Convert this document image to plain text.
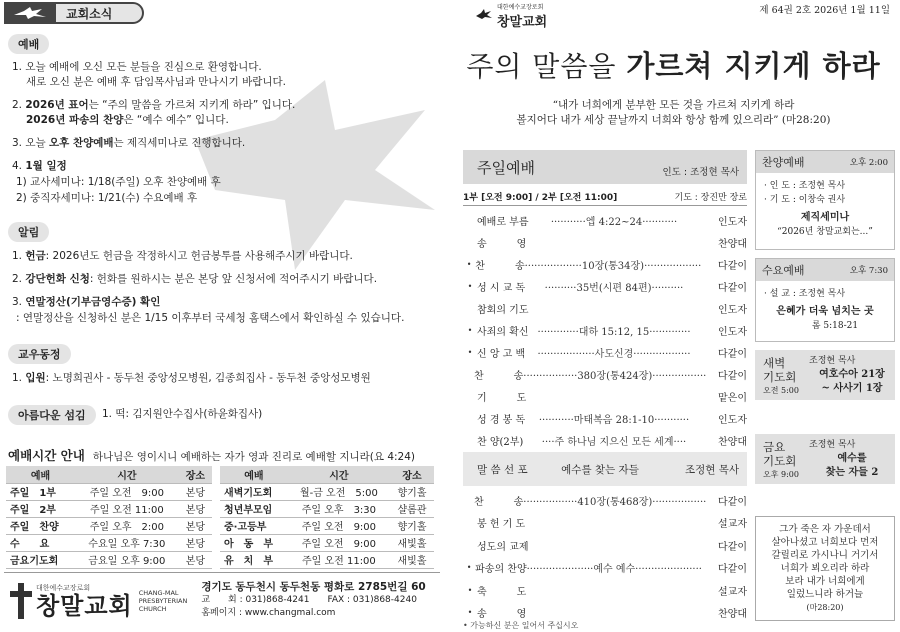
교회소식
예배
1. 오늘 예배에 오신 모든 분들을 진심으로 환영합니다.
새로 오신 분은 예배 후 담임목사님과 만나시기 바랍니다.
2. 2026년 표어는 “주의 말씀을 가르쳐 지키게 하라” 입니다.
2026년 파송의 찬양은 “예수 예수” 입니다.
3. 오늘 오후 찬양예배는 제직세미나로 진행합니다.
4. 1월 일정
1) 교사세미나: 1/18(주일) 오후 찬양예배 후
2) 중직자세미나: 1/21(수) 수요예배 후
알림
1. 헌금: 2026년도 헌금을 작정하시고 헌금봉투를 사용해주시기 바랍니다.
2. 강단헌화 신청: 헌화를 원하시는 분은 본당 앞 신청서에 적어주시기 바랍니다.
3. 연말정산(기부금영수증) 확인
: 연말정산을 신청하신 분은 1/15 이후부터 국세청 홈택스에서 확인하실 수 있습니다.
교우동정
1. 입원: 노명희권사 - 동두천 중앙성모병원, 김종희집사 - 동두천 중앙성모병원
아름다운 섬김	1. 떡: 김지원안수집사(하윤화집사)
예배시간 안내 하나님은 영이시니 예배하는 자가 영과 진리로 예배할 지니라(요 4:24)
예배	시간	장소
주일　1부	주일 오전　9:00	본당
주일　2부	주일 오전 11:00	본당
주일　찬양	주일 오후　2:00	본당
수　　요	수요일 오후 7:30	본당
금요기도회	금요일 오후 9:00	본당
예배	시간	장소
새벽기도회	월-금 오전　5:00	향기홀
청년부모임	주일 오후　3:30	샬롬관
중·고등부	주일 오전　9:00	향기홀
아　동　부	주일 오전　9:00	새빛홀
유　치　부	주일 오전 11:00	새빛홀
대한예수교장로회
창말교회 CHANG-MAL
PRESBYTERIAN
CHURCH
경기도 동두천시 동두천동 평화로 2785번길 60
교　　회 : 031)868-4241　　FAX : 031)868-4240
홈페이지 : www.changmal.com
대한예수교장로회
창말교회
제 64권 2호 2026년 1월 11일
주의 말씀을 가르쳐 지키게 하라
“내가 너희에게 분부한 모든 것을 가르쳐 지키게 하라
볼지어다 내가 세상 끝날까지 너희와 항상 함께 있으리라” (마28:20)
주일예배	인도 : 조정현 목사
1부 [오전 9:00] / 2부 [오전 11:00]	기도 : 장진만 장로
예배로 부름	···········엡 4:22~24···········	인도자
송　　　영	찬양대
• 찬　　　송 ··················10장(통34장)··················	다같이
• 성 시 교 독	··········35번(시편 84편)··········	다같이
참회의 기도	인도자
• 사죄의 확신 ·············대하 15:12, 15·············	인도자
• 신 앙 고 백	··················사도신경··················	다같이
찬　　　송 ·················380장(통424장)·················	다같이
기　　　도	맡은이
성 경 봉 독	···········마태복음 28:1-10···········	인도자
찬 양(2부)	····주 하나님 지으신 모든 세계····	찬양대
말 씀 선 포	예수를 찾는 자들	조정현 목사
찬　　　송 ·················410장(통468장)·················	다같이
봉 헌 기 도	설교자
성도의 교제	다같이
• 파송의 찬양 ·····················예수 예수·····················	다같이
• 축　　　도	설교자
• 송　　　영	찬양대
• 가능하신 분은 일어서 주십시오
찬양예배	오후 2:00
· 인 도 : 조정현 목사
· 기 도 : 이창숙 권사
제직세미나
“2026년 창말교회는...”
수요예배	오후 7:30
· 설 교 : 조정현 목사
은혜가 더욱 넘치는 곳
롬 5:18-21
새벽
기도회
오전 5:00
조정현 목사
여호수아 21장
~ 사사기 1장
금요
기도회
오후 9:00
조정현 목사
예수를
찾는 자들 2
그가 죽은 자 가운데서
살아나셨고 너희보다 먼저
갈릴리로 가시나니 거기서
너희가 뵈오리라 하라
보라 내가 너희에게
일렀느니라 하거늘
(마28:20)
